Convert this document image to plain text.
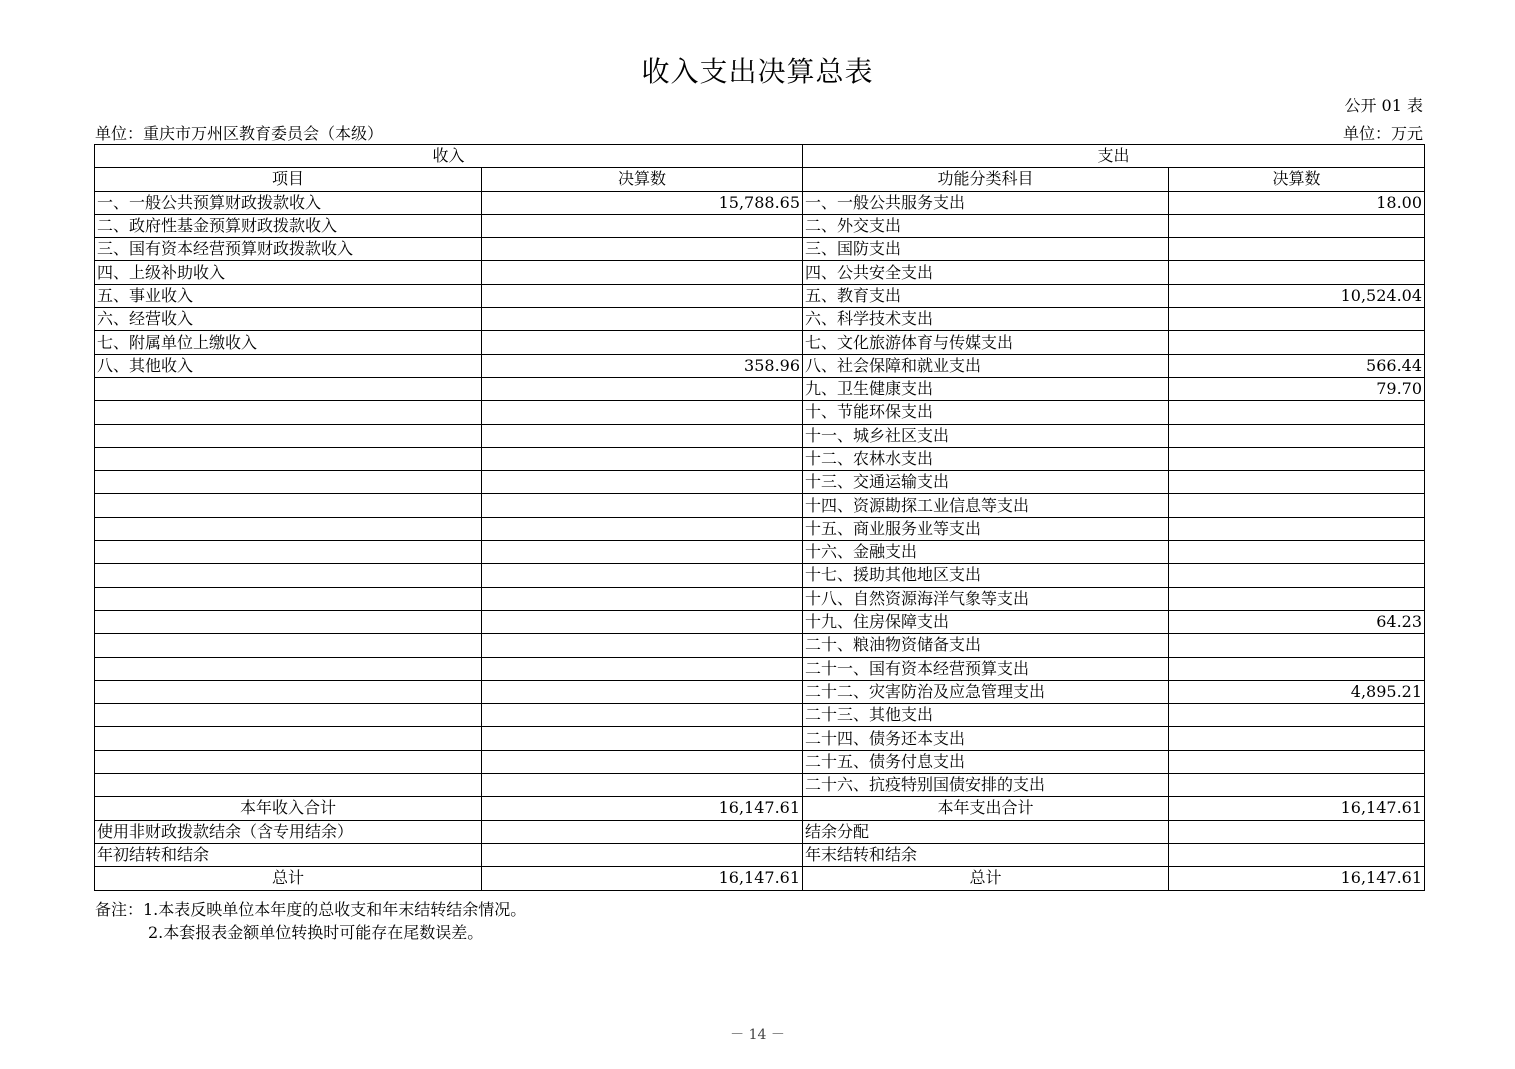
收入支出决算总表
公开 01 表
单位：重庆市万州区教育委员会（本级）	单位：万元
收入		支出	
项目	决算数	功能分类科目	决算数
一、一般公共预算财政拨款收入	15,788.65	一、一般公共服务支出	18.00
二、政府性基金预算财政拨款收入		二、外交支出	
三、国有资本经营预算财政拨款收入		三、国防支出	
四、上级补助收入		四、公共安全支出	
五、事业收入		五、教育支出	10,524.04
六、经营收入		六、科学技术支出	
七、附属单位上缴收入		七、文化旅游体育与传媒支出	
八、其他收入	358.96	八、社会保障和就业支出	566.44
		九、卫生健康支出	79.70
		十、节能环保支出	
		十一、城乡社区支出	
		十二、农林水支出	
		十三、交通运输支出	
		十四、资源勘探工业信息等支出	
		十五、商业服务业等支出	
		十六、金融支出	
		十七、援助其他地区支出	
		十八、自然资源海洋气象等支出	
		十九、住房保障支出	64.23
		二十、粮油物资储备支出	
		二十一、国有资本经营预算支出	
		二十二、灾害防治及应急管理支出	4,895.21
		二十三、其他支出	
		二十四、债务还本支出	
		二十五、债务付息支出	
		二十六、抗疫特别国债安排的支出	
本年收入合计	16,147.61	本年支出合计	16,147.61
使用非财政拨款结余（含专用结余）		结余分配	
年初结转和结余		年末结转和结余	
总计	16,147.61	总计	16,147.61
备注：1.本表反映单位本年度的总收支和年末结转结余情况。
2.本套报表金额单位转换时可能存在尾数误差。
－ 14 －
